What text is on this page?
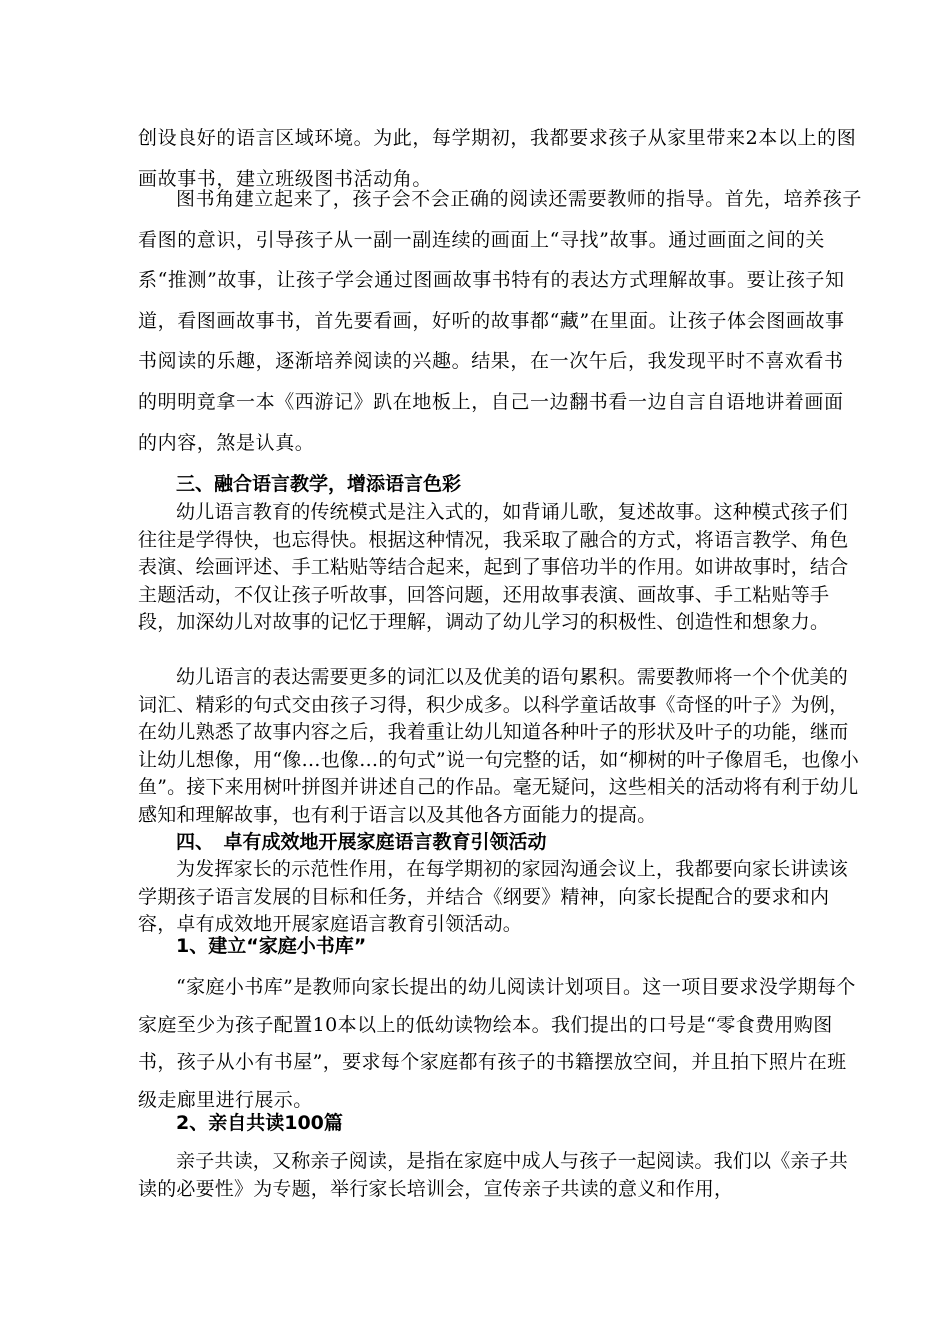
创设良好的语言区域环境。为此，每学期初，我都要求孩子从家里带来2本以上的图画故事书，建立班级图书活动角。

图书角建立起来了，孩子会不会正确的阅读还需要教师的指导。首先，培养孩子看图的意识，引导孩子从一副一副连续的画面上“寻找”故事。通过画面之间的关系“推测”故事，让孩子学会通过图画故事书特有的表达方式理解故事。要让孩子知道，看图画故事书，首先要看画，好听的故事都“藏”在里面。让孩子体会图画故事书阅读的乐趣，逐渐培养阅读的兴趣。结果，在一次午后，我发现平时不喜欢看书的明明竟拿一本《西游记》趴在地板上，自己一边翻书看一边自言自语地讲着画面的内容，煞是认真。

三、融合语言教学，增添语言色彩

幼儿语言教育的传统模式是注入式的，如背诵儿歌，复述故事。这种模式孩子们往往是学得快，也忘得快。根据这种情况，我采取了融合的方式，将语言教学、角色表演、绘画评述、手工粘贴等结合起来，起到了事倍功半的作用。如讲故事时，结合主题活动，不仅让孩子听故事，回答问题，还用故事表演、画故事、手工粘贴等手段，加深幼儿对故事的记忆于理解，调动了幼儿学习的积极性、创造性和想象力。

幼儿语言的表达需要更多的词汇以及优美的语句累积。需要教师将一个个优美的词汇、精彩的句式交由孩子习得，积少成多。以科学童话故事《奇怪的叶子》为例，在幼儿熟悉了故事内容之后，我着重让幼儿知道各种叶子的形状及叶子的功能，继而让幼儿想像，用“像…也像…的句式”说一句完整的话，如“柳树的叶子像眉毛，也像小鱼”。接下来用树叶拼图并讲述自己的作品。毫无疑问，这些相关的活动将有利于幼儿感知和理解故事，也有利于语言以及其他各方面能力的提高。

四、　卓有成效地开展家庭语言教育引领活动

为发挥家长的示范性作用，在每学期初的家园沟通会议上，我都要向家长讲读该学期孩子语言发展的目标和任务，并结合《纲要》精神，向家长提配合的要求和内容，卓有成效地开展家庭语言教育引领活动。

1、建立“家庭小书库”

“家庭小书库”是教师向家长提出的幼儿阅读计划项目。这一项目要求没学期每个家庭至少为孩子配置10本以上的低幼读物绘本。我们提出的口号是“零食费用购图书，孩子从小有书屋”，要求每个家庭都有孩子的书籍摆放空间，并且拍下照片在班级走廊里进行展示。

2、亲自共读100篇

亲子共读，又称亲子阅读，是指在家庭中成人与孩子一起阅读。我们以《亲子共读的必要性》为专题，举行家长培训会，宣传亲子共读的意义和作用，
